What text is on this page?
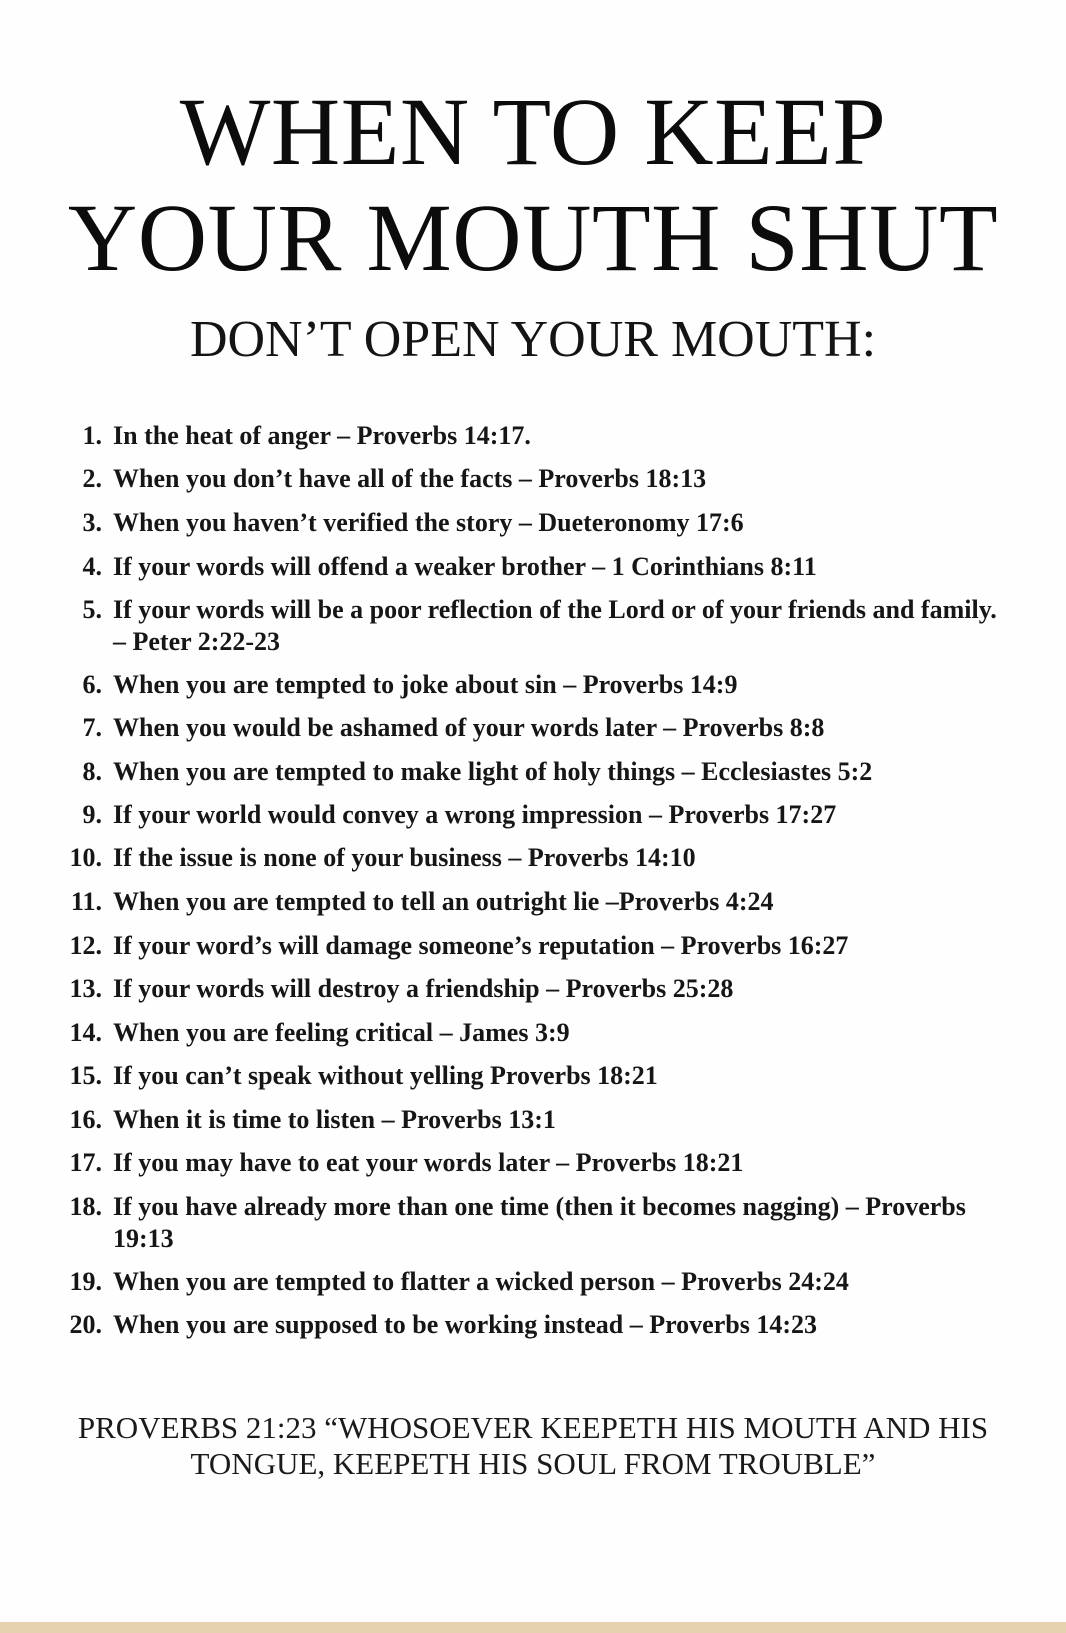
WHEN TO KEEP
YOUR MOUTH SHUT
DON’T OPEN YOUR MOUTH:
1. In the heat of anger – Proverbs 14:17.
2. When you don’t have all of the facts – Proverbs 18:13
3. When you haven’t verified the story – Dueteronomy 17:6
4. If your words will offend a weaker brother – 1 Corinthians 8:11
5. If your words will be a poor reflection of the Lord or of your friends and family. – Peter 2:22-23
6. When you are tempted to joke about sin – Proverbs 14:9
7. When you would be ashamed of your words later – Proverbs 8:8
8. When you are tempted to make light of holy things – Ecclesiastes 5:2
9. If your world would convey a wrong impression – Proverbs 17:27
10. If the issue is none of your business – Proverbs 14:10
11. When you are tempted to tell an outright lie –Proverbs 4:24
12. If your word’s will damage someone’s reputation – Proverbs 16:27
13. If your words will destroy a friendship – Proverbs 25:28
14. When you are feeling critical – James 3:9
15. If you can’t speak without yelling Proverbs 18:21
16. When it is time to listen – Proverbs 13:1
17. If you may have to eat your words later – Proverbs 18:21
18. If you have already more than one time (then it becomes nagging) – Proverbs 19:13
19. When you are tempted to flatter a wicked person – Proverbs 24:24
20. When you are supposed to be working instead – Proverbs 14:23
PROVERBS 21:23 “WHOSOEVER KEEPETH HIS MOUTH AND HIS TONGUE, KEEPETH HIS SOUL FROM TROUBLE”
